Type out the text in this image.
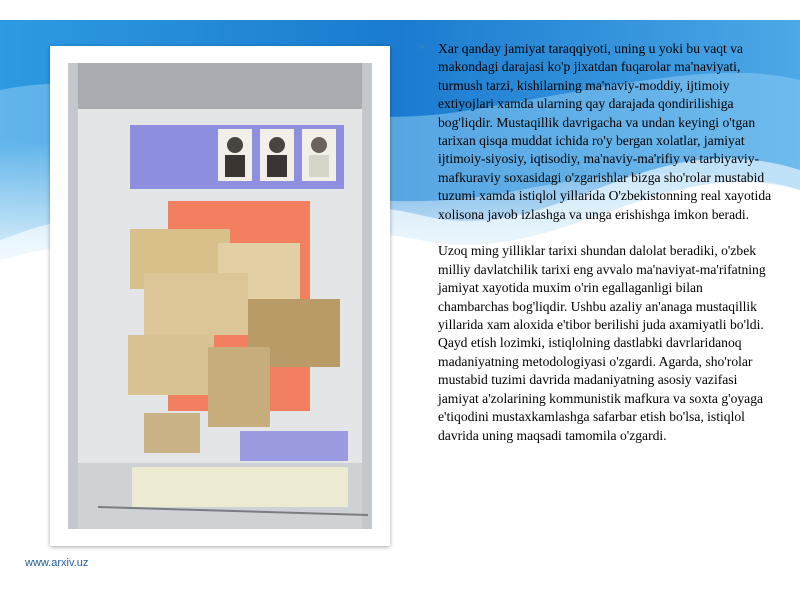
➤ Xar qanday jamiyat taraqqiyoti, uning u yoki bu vaqt va makondagi darajasi ko'p jixatdan fuqarolar ma'naviyati, turmush tarzi, kishilarning ma'naviy-moddiy, ijtimoiy extiyojlari xamda ularning qay darajada qondirilishiga bog'liqdir. Mustaqillik davrigacha va undan keyingi o'tgan tarixan qisqa muddat ichida ro'y bergan xolatlar, jamiyat ijtimoiy-siyosiy, iqtisodiy, ma'naviy-ma'rifiy va tarbiyaviy-mafkuraviy soxasidagi o'zgarishlar bizga sho'rolar mustabid tuzumi xamda istiqlol yillarida O'zbekistonning real xayotida xolisona javob izlashga va unga erishishga imkon beradi.

Uzoq ming yilliklar tarixi shundan dalolat beradiki, o'zbek milliy davlatchilik tarixi eng avvalo ma'naviyat-ma'rifatning jamiyat xayotida muxim o'rin egallaganligi bilan chambarchas bog'liqdir. Ushbu azaliy an'anaga mustaqillik yillarida xam aloxida e'tibor berilishi juda axamiyatli bo'ldi. Qayd etish lozimki, istiqlolning dastlabki davrlaridanoq madaniyatning metodologiyasi o'zgardi. Agarda, sho'rolar mustabid tuzimi davrida madaniyatning asosiy vazifasi jamiyat a'zolarining kommunistik mafkura va soxta g'oyaga e'tiqodini mustaxkamlashga safarbar etish bo'lsa, istiqlol davrida uning maqsadi tamomila o'zgardi.

www.arxiv.uz
